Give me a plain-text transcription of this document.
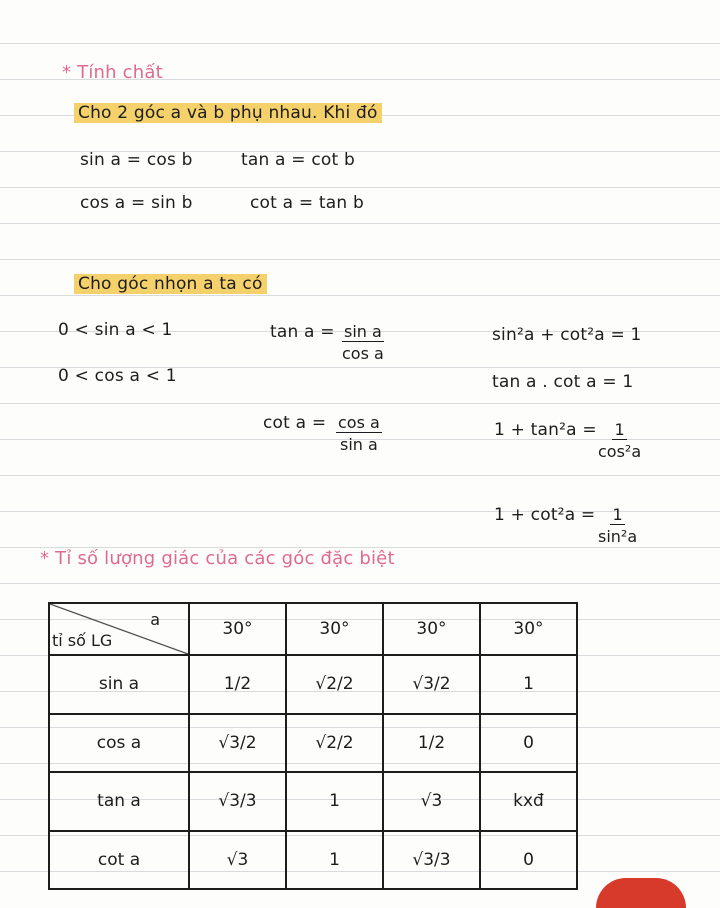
* Tính chất
Cho 2 góc a và b phụ nhau. Khi đó
sin a = cos b	tan a = cot b
cos a = sin b	cot a = tan b
Cho góc nhọn a ta có
0 < sin a < 1
0 < cos a < 1
$\tan a = \frac{\text{sin a}}{\text{cos a}}$
$\cot a = \frac{\text{cos a}}{\text{sin a}}$
sin²a + cot²a = 1
tan a . cot a = 1
$1 + \tan^2a = \frac{1}{\text{cos²a}}$
$1 + \cot^2a = \frac{1}{\text{sin²a}}$
* Tỉ số lượng giác của các góc đặc biệt
a
tỉ số LG	30°	30°	30°	30°
sin a	1/2	√2/2	√3/2	1
cos a	√3/2	√2/2	1/2	0
tan a	√3/3	1	√3	kxđ
cot a	√3	1	√3/3	0
